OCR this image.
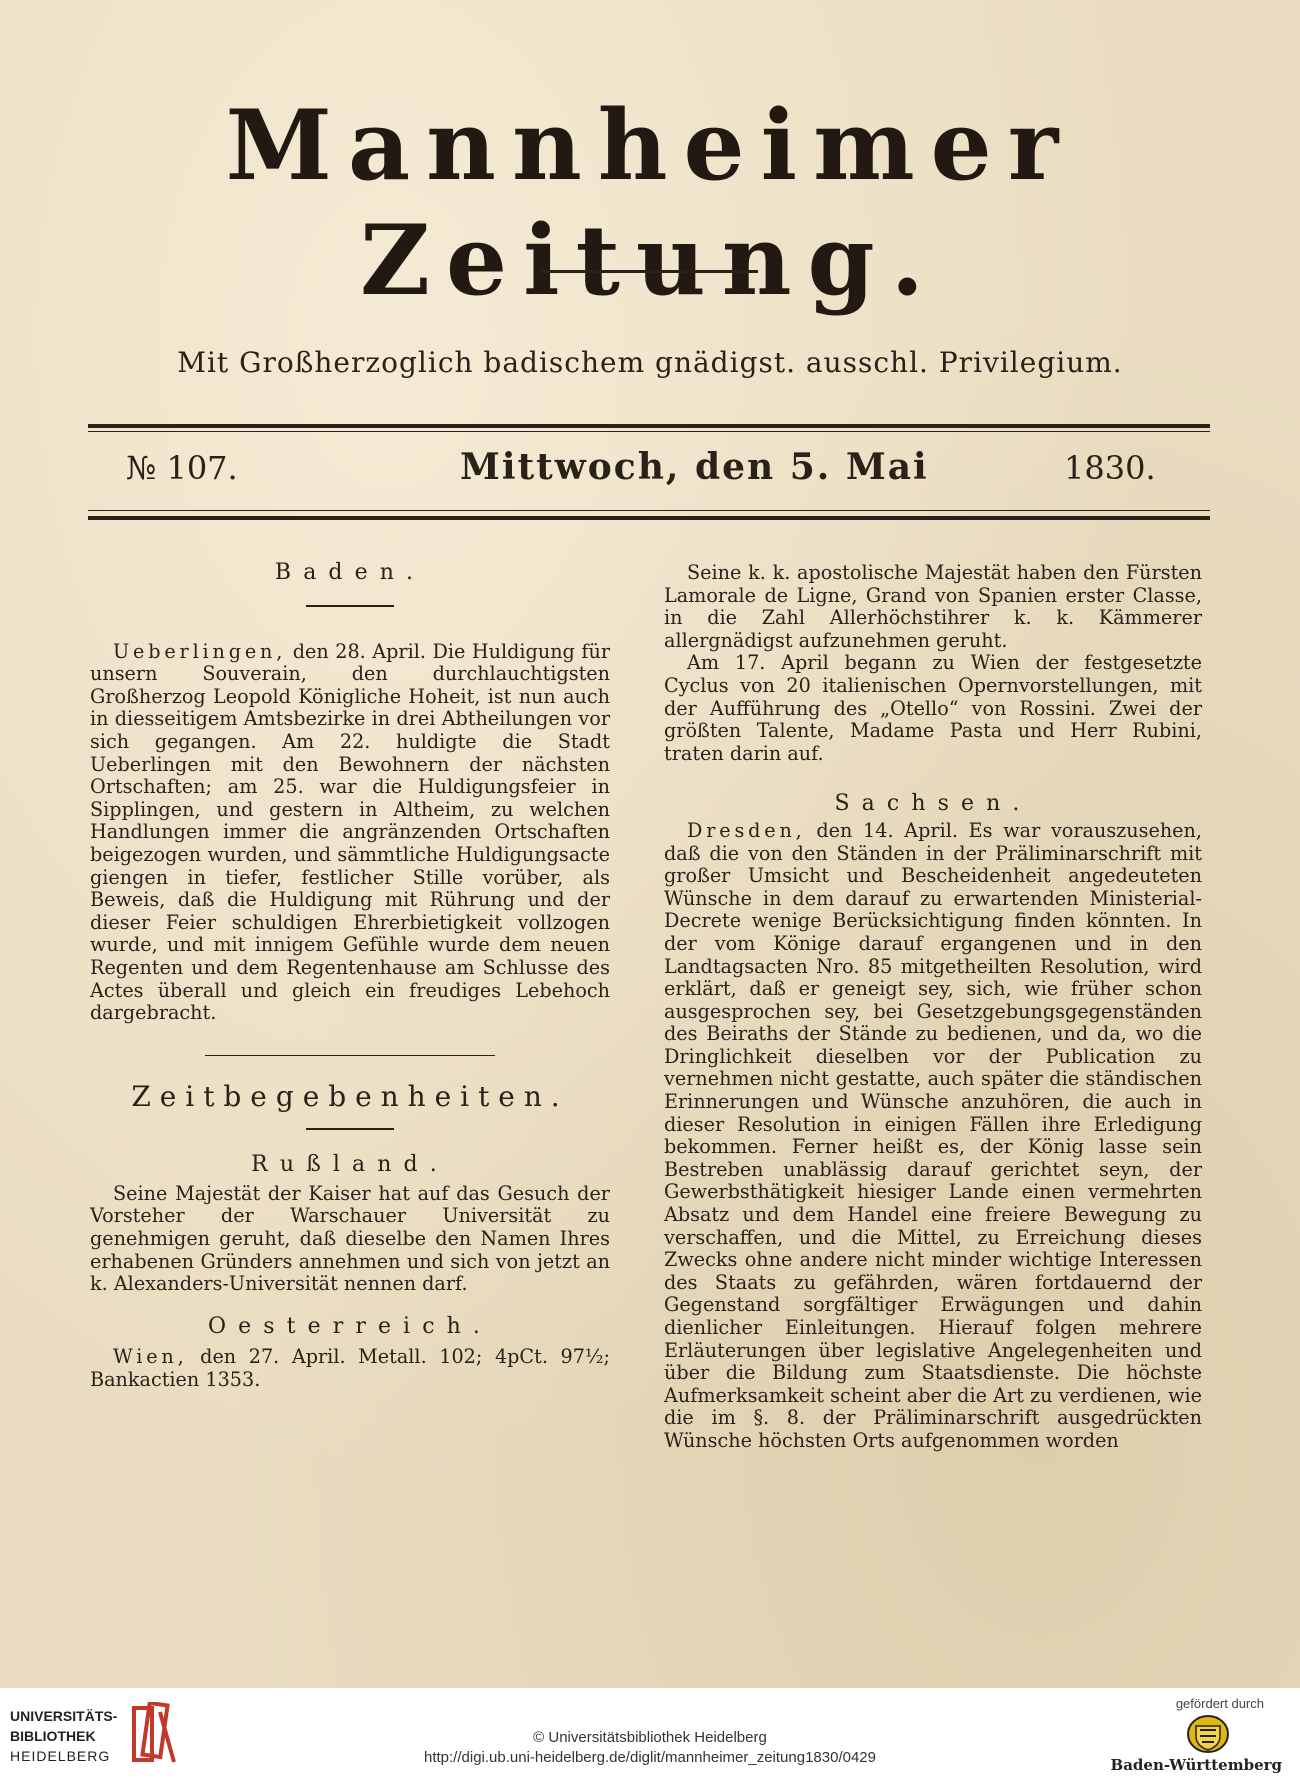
Mannheimer Zeitung.
Mit Großherzoglich badischem gnädigst. ausschl. Privilegium.
№ 107.	Mittwoch, den 5. Mai	1830.
Baden.

Ueberlingen, den 28. April. Die Huldigung für unsern Souverain, den durchlauchtigsten Großherzog Leopold Königliche Hoheit, ist nun auch in diesseitigem Amtsbezirke in drei Abtheilungen vor sich gegangen. Am 22. huldigte die Stadt Ueberlingen mit den Bewohnern der nächsten Ortschaften; am 25. war die Huldigungsfeier in Sipplingen, und gestern in Altheim, zu welchen Handlungen immer die angränzenden Ortschaften beigezogen wurden, und sämmtliche Huldigungsacte giengen in tiefer, festlicher Stille vorüber, als Beweis, daß die Huldigung mit Rührung und der dieser Feier schuldigen Ehrerbietigkeit vollzogen wurde, und mit innigem Gefühle wurde dem neuen Regenten und dem Regentenhause am Schlusse des Actes überall und gleich ein freudiges Lebehoch dargebracht.

Zeitbegebenheiten.
Rußland.

Seine Majestät der Kaiser hat auf das Gesuch der Vorsteher der Warschauer Universität zu genehmigen geruht, daß dieselbe den Namen Ihres erhabenen Gründers annehmen und sich von jetzt an k. Alexanders-Universität nennen darf.

Oesterreich.

Wien, den 27. April. Metall. 102; 4pCt. 97½; Bankactien 1353.

Seine k. k. apostolische Majestät haben den Fürsten Lamorale de Ligne, Grand von Spanien erster Classe, in die Zahl Allerhöchstihrer k. k. Kämmerer allergnädigst aufzunehmen geruht.

Am 17. April begann zu Wien der festgesetzte Cyclus von 20 italienischen Opernvorstellungen, mit der Aufführung des „Otello“ von Rossini. Zwei der größten Talente, Madame Pasta und Herr Rubini, traten darin auf.

Sachsen.

Dresden, den 14. April. Es war vorauszusehen, daß die von den Ständen in der Präliminarschrift mit großer Umsicht und Bescheidenheit angedeuteten Wünsche in dem darauf zu erwartenden Ministerial-Decrete wenige Berücksichtigung finden könnten. In der vom Könige darauf ergangenen und in den Landtagsacten Nro. 85 mitgetheilten Resolution, wird erklärt, daß er geneigt sey, sich, wie früher schon ausgesprochen sey, bei Gesetzgebungsgegenständen des Beiraths der Stände zu bedienen, und da, wo die Dringlichkeit dieselben vor der Publication zu vernehmen nicht gestatte, auch später die ständischen Erinnerungen und Wünsche anzuhören, die auch in dieser Resolution in einigen Fällen ihre Erledigung bekommen. Ferner heißt es, der König lasse sein Bestreben unablässig darauf gerichtet seyn, der Gewerbsthätigkeit hiesiger Lande einen vermehrten Absatz und dem Handel eine freiere Bewegung zu verschaffen, und die Mittel, zu Erreichung dieses Zwecks ohne andere nicht minder wichtige Interessen des Staats zu gefährden, wären fortdauernd der Gegenstand sorgfältiger Erwägungen und dahin dienlicher Einleitungen. Hierauf folgen mehrere Erläuterungen über legislative Angelegenheiten und über die Bildung zum Staatsdienste. Die höchste Aufmerksamkeit scheint aber die Art zu verdienen, wie die im §. 8. der Präliminarschrift ausgedrückten Wünsche höchsten Orts aufgenommen worden

UNIVERSITÄTS-
BIBLIOTHEK
HEIDELBERG
© Universitätsbibliothek Heidelberg
http://digi.ub.uni-heidelberg.de/diglit/mannheimer_zeitung1830/0429
gefördert durch
Baden-Württemberg
